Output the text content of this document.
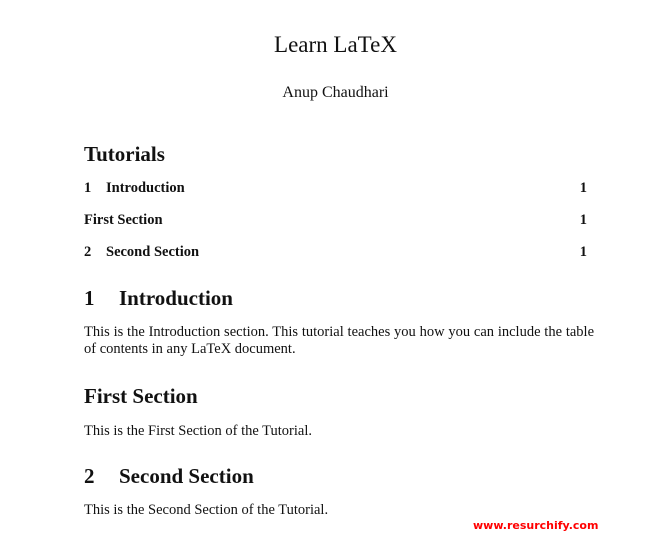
Learn LaTeX
Anup Chaudhari
Tutorials
1 Introduction	1
First Section	1
2 Second Section	1
1 Introduction
This is the Introduction section. This tutorial teaches you how you can include the table of contents in any LaTeX document.
First Section
This is the First Section of the Tutorial.
2 Second Section
This is the Second Section of the Tutorial.
www.resurchify.com
